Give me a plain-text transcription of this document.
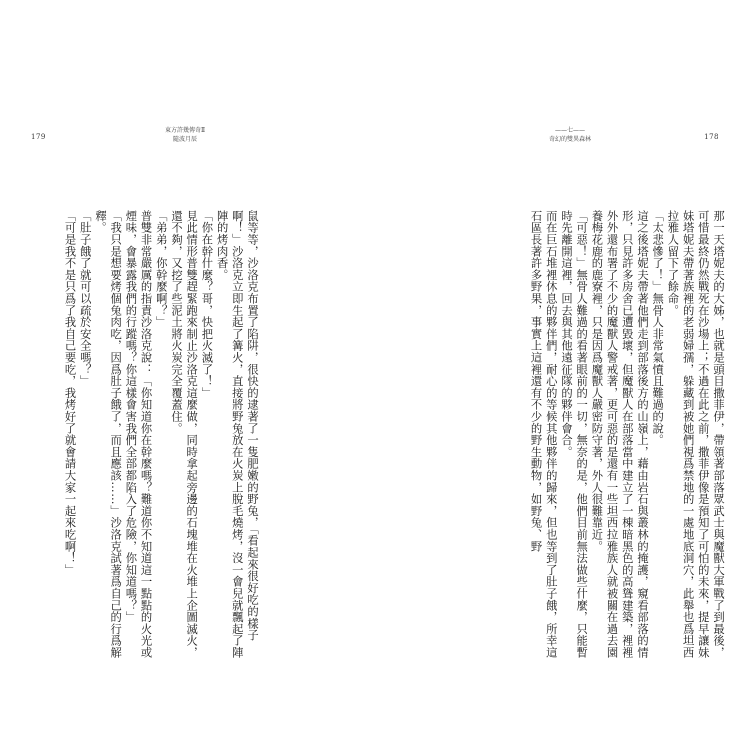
179
東方許幾傳奇Ⅱ
隨波月辰
——七——
奇幻的雙異森林	178

那一天塔妮夫的大姊，也就是頭目撒菲伊，帶領著部落眾武士與魔獸大軍戰了到最後，可惜最終仍然戰死在沙場上；不過在此之前，撒菲伊像是預知了可怕的未來，提早讓妹妹塔妮夫帶著族裡的老弱婦孺，躲藏到被她們視爲禁地的一處地底洞穴，此舉也爲坦西拉雅人留下了餘命。

「太悲慘了！」無骨人非常氣憤且難過的說。

這之後塔妮夫帶著他們走到部落後方的山嶺上，藉由岩石與叢林的掩護，窺看部落的情形，只見許多房舍已遭毀壞，但魔獸人在部落當中建立了一棟暗黑色的高聳建築，裡裡外外還布署了不少的魔獸人警戒著，更可惡的是還有一些坦西拉雅族人就被關在過去園養梅花鹿的鹿寮裡，只是因爲魔獸人嚴密防守著，外人很難靠近。

「可惡！」無骨人難過的看著眼前的一切，無奈的是，他們目前無法做些什麼，只能暫時先離開這裡，回去與其他遠征隊的夥伴會合。

而在巨石堆裡休息的夥伴們，耐心的等候其他夥伴的歸來，但也等到了肚子餓，所幸這石區長著許多野果，事實上這裡還有不少的野生動物，如野兔、野

鼠等等，沙洛克布置了陷阱，很快的逮著了一隻肥嫩的野兔，「看起來很好吃的樣子啊！」沙洛克立即生起了篝火，直接將野兔放在火炭上脫毛燒烤，沒一會兒就飄起了陣陣的烤肉香。

「你在幹什麼？哥，快把火滅了！」

見此情形普雙趕緊跑來制止沙洛克這麼做，同時拿起旁邊的石塊堆在火堆上企圖滅火，還不夠，又挖了些泥土將火炭完全覆蓋住。

「弟弟，你幹麼啊？」

普雙非常嚴厲的指責沙洛克說：「你知道你在幹麼嗎？難道你不知道這一點點的火光或煙味，會暴露我們的行蹤嗎？你這樣會害我們全部都陷入了危險，你知道嗎？」

「我只是想要烤個兔肉吃，因爲肚子餓了，而且應該……」沙洛克試著爲自己的行爲解釋。

「肚子餓了就可以疏於安全嗎？」

「可是我不是只爲了我自己要吃，我烤好了就會請大家一起來吃啊！」
